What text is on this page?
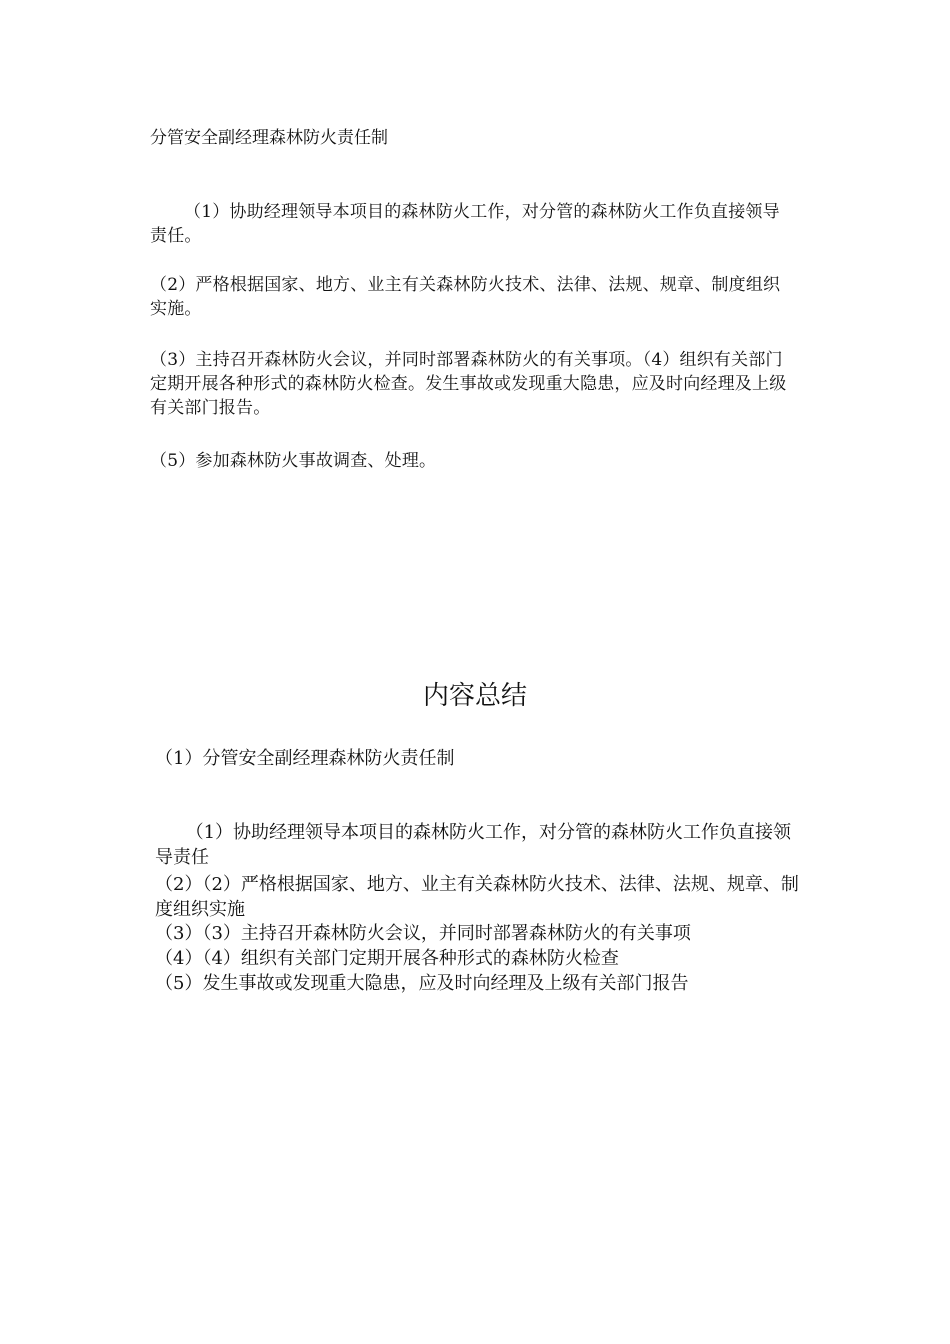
分管安全副经理森林防火责任制
（1）协助经理领导本项目的森林防火工作，对分管的森林防火工作负直接领导责任。
（2）严格根据国家、地方、业主有关森林防火技术、法律、法规、规章、制度组织实施。
（3）主持召开森林防火会议，并同时部署森林防火的有关事项。（4）组织有关部门定期开展各种形式的森林防火检查。发生事故或发现重大隐患，应及时向经理及上级有关部门报告。
（5）参加森林防火事故调查、处理。
内容总结
（1）分管安全副经理森林防火责任制
（1）协助经理领导本项目的森林防火工作，对分管的森林防火工作负直接领导责任
（2）（2）严格根据国家、地方、业主有关森林防火技术、法律、法规、规章、制度组织实施
（3）（3）主持召开森林防火会议，并同时部署森林防火的有关事项
（4）（4）组织有关部门定期开展各种形式的森林防火检查
（5）发生事故或发现重大隐患，应及时向经理及上级有关部门报告
